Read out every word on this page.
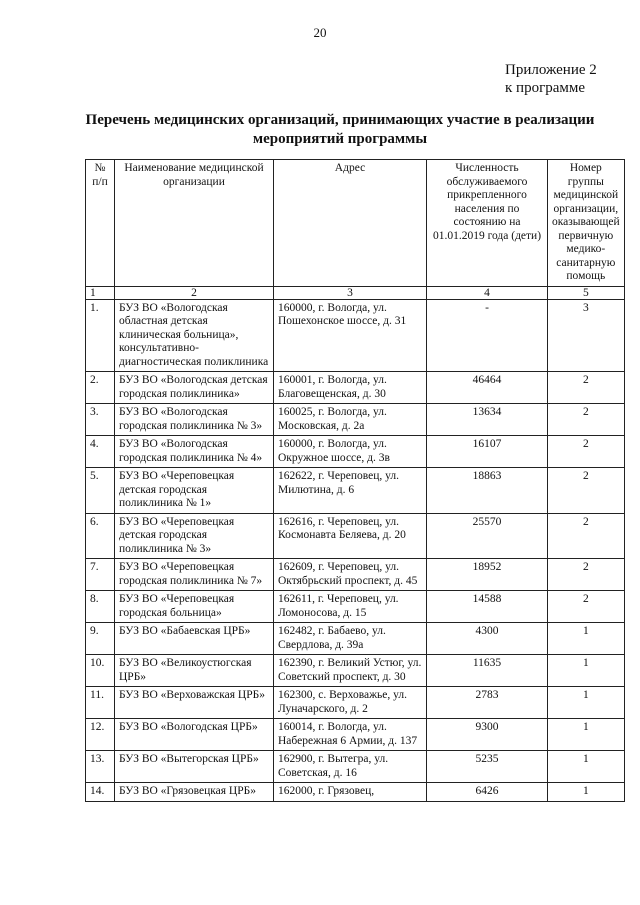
20
Приложение 2
к программе
Перечень медицинских организаций, принимающих участие в реализации
мероприятий программы
№ п/п	Наименование медицинской организации	Адрес	Численность обслуживаемого прикрепленного населения по состоянию на 01.01.2019 года (дети)	Номер группы медицинской организации, оказывающей первичную медико-санитарную помощь
1	2	3	4	5
1.	БУЗ ВО «Вологодская областная детская клиническая больница», консультативно-диагностическая поликлиника	160000, г. Вологда, ул. Пошехонское шоссе, д. 31	-	3
2.	БУЗ ВО «Вологодская детская городская поликлиника»	160001, г. Вологда, ул. Благовещенская, д. 30	46464	2
3.	БУЗ ВО «Вологодская городская поликлиника № 3»	160025, г. Вологда, ул. Московская, д. 2а	13634	2
4.	БУЗ ВО «Вологодская городская поликлиника № 4»	160000, г. Вологда, ул. Окружное шоссе, д. 3в	16107	2
5.	БУЗ ВО «Череповецкая детская городская поликлиника № 1»	162622, г. Череповец, ул. Милютина, д. 6	18863	2
6.	БУЗ ВО «Череповецкая детская городская поликлиника № 3»	162616, г. Череповец, ул. Космонавта Беляева, д. 20	25570	2
7.	БУЗ ВО «Череповецкая городская поликлиника № 7»	162609, г. Череповец, ул. Октябрьский проспект, д. 45	18952	2
8.	БУЗ ВО «Череповецкая городская больница»	162611, г. Череповец, ул. Ломоносова, д. 15	14588	2
9.	БУЗ ВО «Бабаевская ЦРБ»	162482, г. Бабаево, ул. Свердлова, д. 39а	4300	1
10.	БУЗ ВО «Великоустюгская ЦРБ»	162390, г. Великий Устюг, ул. Советский проспект, д. 30	11635	1
11.	БУЗ ВО «Верховажская ЦРБ»	162300, с. Верховажье, ул. Луначарского, д. 2	2783	1
12.	БУЗ ВО «Вологодская ЦРБ»	160014, г. Вологда, ул. Набережная 6 Армии, д. 137	9300	1
13.	БУЗ ВО «Вытегорская ЦРБ»	162900, г. Вытегра, ул. Советская, д. 16	5235	1
14.	БУЗ ВО «Грязовецкая ЦРБ»	162000, г. Грязовец,	6426	1
